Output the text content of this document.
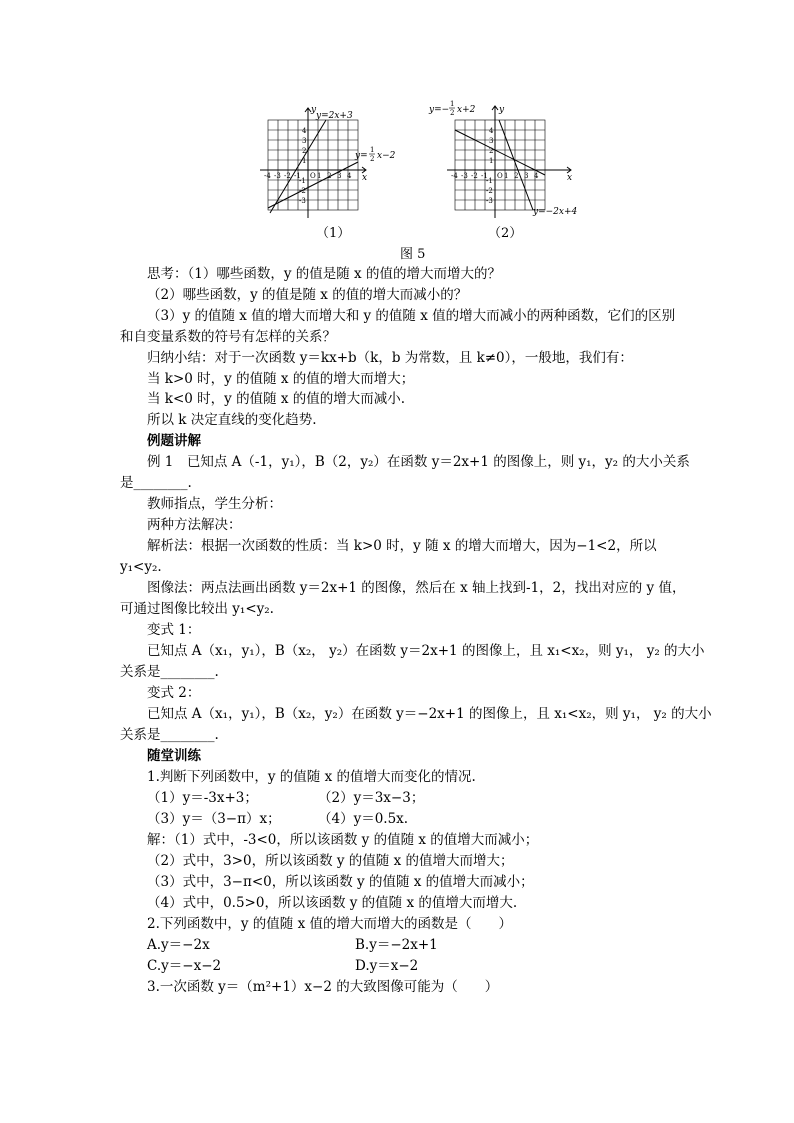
y
x
y=2x+3
y=
1
2 x−2
4
3
2
1
-1
-2
-3
-4 -3 -2 -1 O 1 2 3 4
y
x
y=−
1
2 x+2
y=−2x+4
4
3
2
1
-1
-2
-3
-4 -3 -2 -1 O 1 2 3 4
（1）	（2）
图 5
思考：（1）哪些函数，y 的值是随 x 的值的增大而增大的？
（2）哪些函数，y 的值是随 x 的值的增大而减小的？
（3）y 的值随 x 值的增大而增大和 y 的值随 x 值的增大而减小的两种函数，它们的区别
和自变量系数的符号有怎样的关系？
归纳小结：对于一次函数 y＝kx+b（k，b 为常数，且 k≠0），一般地，我们有：
当 k>0 时，y 的值随 x 的值的增大而增大；
当 k<0 时，y 的值随 x 的值的增大而减小.
所以 k 决定直线的变化趋势.
例题讲解
例 1　已知点 A（-1，y₁），B（2，y₂）在函数 y＝2x+1 的图像上，则 y₁，y₂ 的大小关系
是________.
教师指点，学生分析：
两种方法解决：
解析法：根据一次函数的性质：当 k>0 时，y 随 x 的增大而增大，因为−1<2，所以
y₁<y₂.
图像法：两点法画出函数 y＝2x+1 的图像，然后在 x 轴上找到-1，2，找出对应的 y 值，
可通过图像比较出 y₁<y₂.
变式 1：
已知点 A（x₁，y₁），B（x₂， y₂）在函数 y＝2x+1 的图像上，且 x₁<x₂，则 y₁， y₂ 的大小
关系是________.
变式 2：
已知点 A（x₁，y₁），B（x₂，y₂）在函数 y＝−2x+1 的图像上，且 x₁<x₂，则 y₁， y₂ 的大小
关系是________.
随堂训练
1.判断下列函数中，y 的值随 x 的值增大而变化的情况.
（1）y＝-3x+3；	（2）y＝3x−3；
（3）y＝（3−π）x；	（4）y＝0.5x.
解：（1）式中，-3<0，所以该函数 y 的值随 x 的值增大而减小；
（2）式中，3>0，所以该函数 y 的值随 x 的值增大而增大；
（3）式中，3−π<0，所以该函数 y 的值随 x 的值增大而减小；
（4）式中，0.5>0，所以该函数 y 的值随 x 的值增大而增大.
2.下列函数中，y 的值随 x 值的增大而增大的函数是（　　）
A.y＝−2x	B.y＝−2x+1
C.y＝−x−2	D.y＝x−2
3.一次函数 y＝（m²+1）x−2 的大致图像可能为（　　）
